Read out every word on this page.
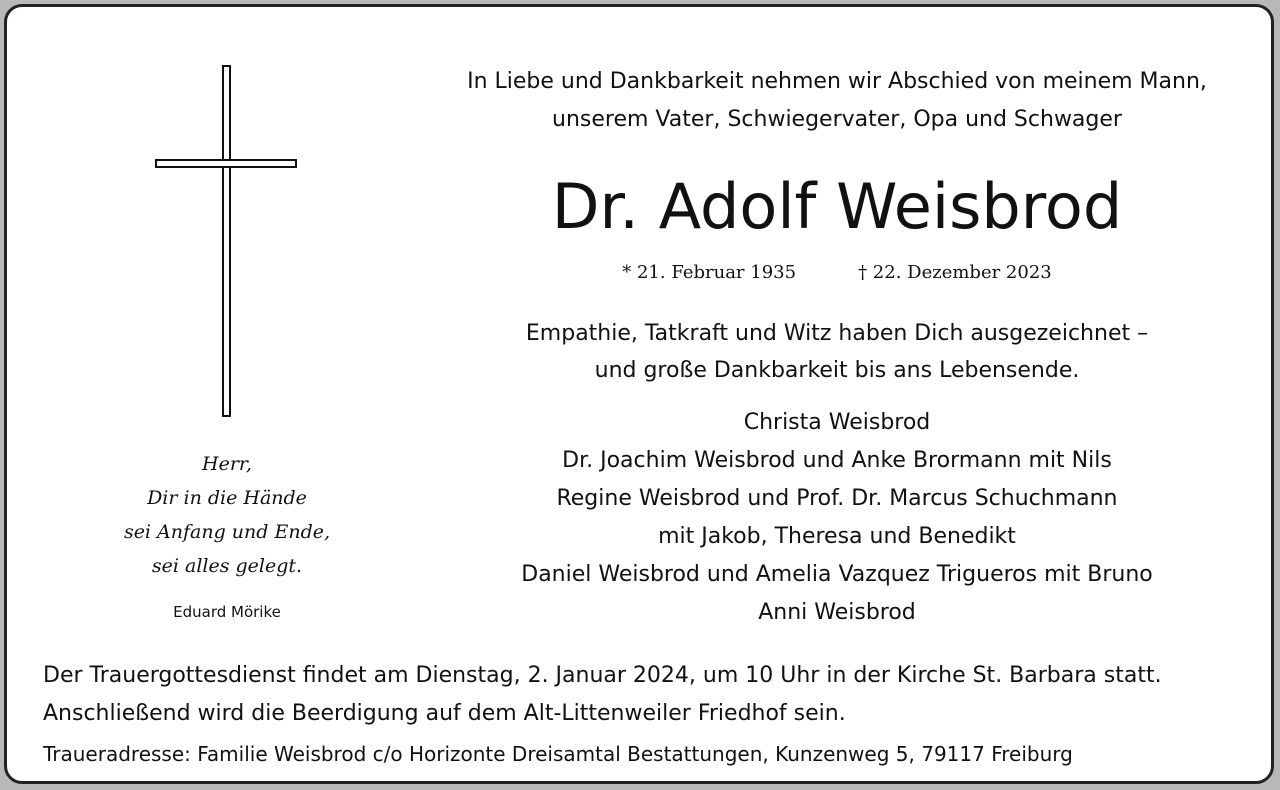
Herr,
Dir in die Hände
sei Anfang und Ende,
sei alles gelegt.
Eduard Mörike
In Liebe und Dankbarkeit nehmen wir Abschied von meinem Mann,
unserem Vater, Schwiegervater, Opa und Schwager
Dr. Adolf Weisbrod
* 21. Februar 1935	† 22. Dezember 2023
Empathie, Tatkraft und Witz haben Dich ausgezeichnet –
und große Dankbarkeit bis ans Lebensende.
Christa Weisbrod
Dr. Joachim Weisbrod und Anke Brormann mit Nils
Regine Weisbrod und Prof. Dr. Marcus Schuchmann
mit Jakob, Theresa und Benedikt
Daniel Weisbrod und Amelia Vazquez Trigueros mit Bruno
Anni Weisbrod
Der Trauergottesdienst findet am Dienstag, 2. Januar 2024, um 10 Uhr in der Kirche St. Barbara statt.
Anschließend wird die Beerdigung auf dem Alt-Littenweiler Friedhof sein.
Traueradresse: Familie Weisbrod c/o Horizonte Dreisamtal Bestattungen, Kunzenweg 5, 79117 Freiburg
